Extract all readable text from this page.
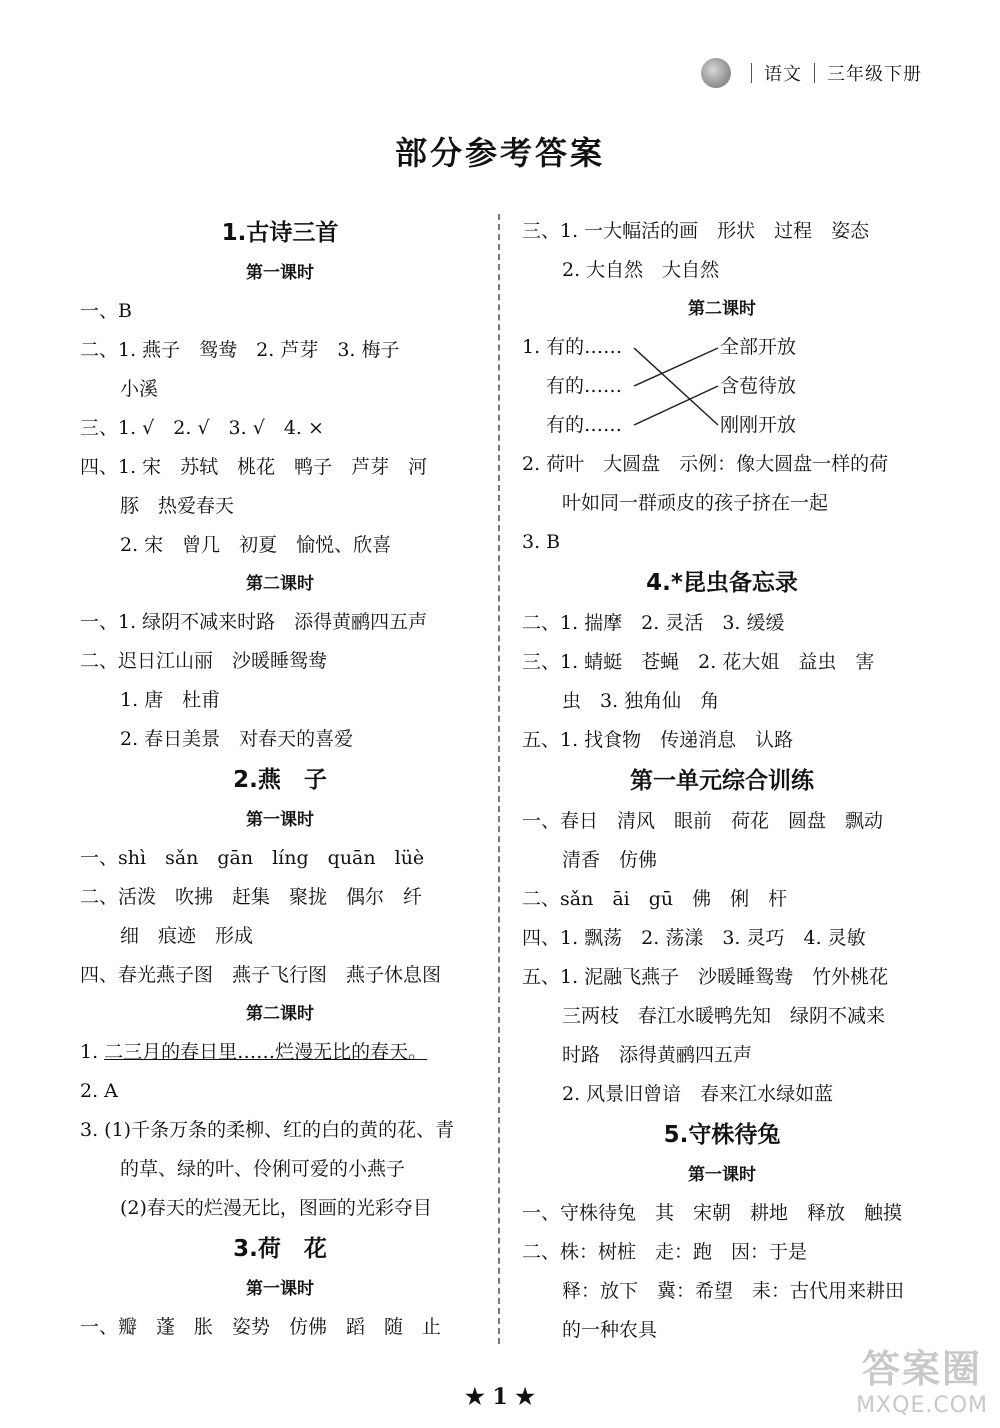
语文 三年级下册
部分参考答案
1.古诗三首
第一课时
一、B
二、1. 燕子　鸳鸯　2. 芦芽　3. 梅子
小溪
三、1. √　2. √　3. √　4. ×
四、1. 宋　苏轼　桃花　鸭子　芦芽　河
豚　热爱春天
2. 宋　曾几　初夏　愉悦、欣喜
第二课时
一、1. 绿阴不减来时路　添得黄鹂四五声
二、迟日江山丽　沙暖睡鸳鸯
1. 唐　杜甫
2. 春日美景　对春天的喜爱
2.燕　子
第一课时
一、shì　sǎn　gān　líng　quān　lüè
二、活泼　吹拂　赶集　聚拢　偶尔　纤
细　痕迹　形成
四、春光燕子图　燕子飞行图　燕子休息图
第二课时
1. 二三月的春日里……烂漫无比的春天。
2. A
3. (1)千条万条的柔柳、红的白的黄的花、青
的草、绿的叶、伶俐可爱的小燕子
(2)春天的烂漫无比，图画的光彩夺目
3.荷　花
第一课时
一、瓣　蓬　胀　姿势　仿佛　蹈　随　止
三、1. 一大幅活的画　形状　过程　姿态
2. 大自然　大自然
第二课时
1. 有的……
有的……
有的……
全部开放
含苞待放
刚刚开放
2. 荷叶　大圆盘　示例：像大圆盘一样的荷
叶如同一群顽皮的孩子挤在一起
3. B
4.*昆虫备忘录
二、1. 揣摩　2. 灵活　3. 缓缓
三、1. 蜻蜓　苍蝇　2. 花大姐　益虫　害
虫　3. 独角仙　角
五、1. 找食物　传递消息　认路
第一单元综合训练
一、春日　清风　眼前　荷花　圆盘　飘动
清香　仿佛
二、sǎn　āi　gū　佛　俐　杆
四、1. 飘荡　2. 荡漾　3. 灵巧　4. 灵敏
五、1. 泥融飞燕子　沙暖睡鸳鸯　竹外桃花
三两枝　春江水暖鸭先知　绿阴不减来
时路　添得黄鹂四五声
2. 风景旧曾谙　春来江水绿如蓝
5.守株待兔
第一课时
一、守株待兔　其　宋朝　耕地　释放　触摸
二、株：树桩　走：跑　因：于是
释：放下　冀：希望　耒：古代用来耕田
的一种农具
★ 1 ★
答案圈
MXQE.COM
